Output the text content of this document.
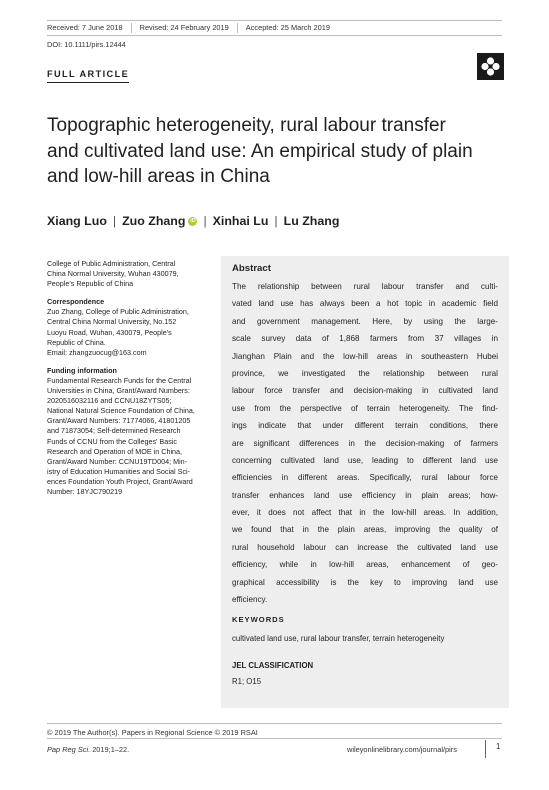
Received: 7 June 2018	Revised: 24 February 2019	Accepted: 25 March 2019
DOI: 10.1111/pirs.12444
FULL ARTICLE
Topographic heterogeneity, rural labour transfer
and cultivated land use: An empirical study of plain
and low-hill areas in China
Xiang Luo | Zuo Zhang iD | Xinhai Lu | Lu Zhang

College of Public Administration, Central
China Normal University, Wuhan 430079,
People's Republic of China

Correspondence

Zuo Zhang, College of Public Administration,
Central China Normal University, No.152
Luoyu Road, Wuhan, 430079, People's
Republic of China.
Email: zhangzuocug@163.com

Funding information

Fundamental Research Funds for the Central
Universities in China, Grant/Award Numbers:
2020516032116 and CCNU18ZYTS05;
National Natural Science Foundation of China,
Grant/Award Numbers: 71774066, 41801205
and 71873054; Self-determined Research
Funds of CCNU from the Colleges' Basic
Research and Operation of MOE in China,
Grant/Award Number: CCNU19TD004; Min-
istry of Education Humanities and Social Sci-
ences Foundation Youth Project, Grant/Award
Number: 18YJC790219

Abstract

The relationship between rural labour transfer and culti-

vated land use has always been a hot topic in academic field

and government management. Here, by using the large-

scale survey data of 1,868 farmers from 37 villages in

Jianghan Plain and the low-hill areas in southeastern Hubei

province, we investigated the relationship between rural

labour force transfer and decision-making in cultivated land

use from the perspective of terrain heterogeneity. The find-

ings indicate that under different terrain conditions, there

are significant differences in the decision-making of farmers

concerning cultivated land use, leading to different land use

efficiencies in different areas. Specifically, rural labour force

transfer enhances land use efficiency in plain areas; how-

ever, it does not affect that in the low-hill areas. In addition,

we found that in the plain areas, improving the quality of

rural household labour can increase the cultivated land use

efficiency, while in low-hill areas, enhancement of geo-

graphical accessibility is the key to improving land use

efficiency.

KEYWORDS
cultivated land use, rural labour transfer, terrain heterogeneity
JEL CLASSIFICATION
R1; O15
© 2019 The Author(s). Papers in Regional Science © 2019 RSAI
Pap Reg Sci. 2019;1–22.	wileyonlinelibrary.com/journal/pirs	1
